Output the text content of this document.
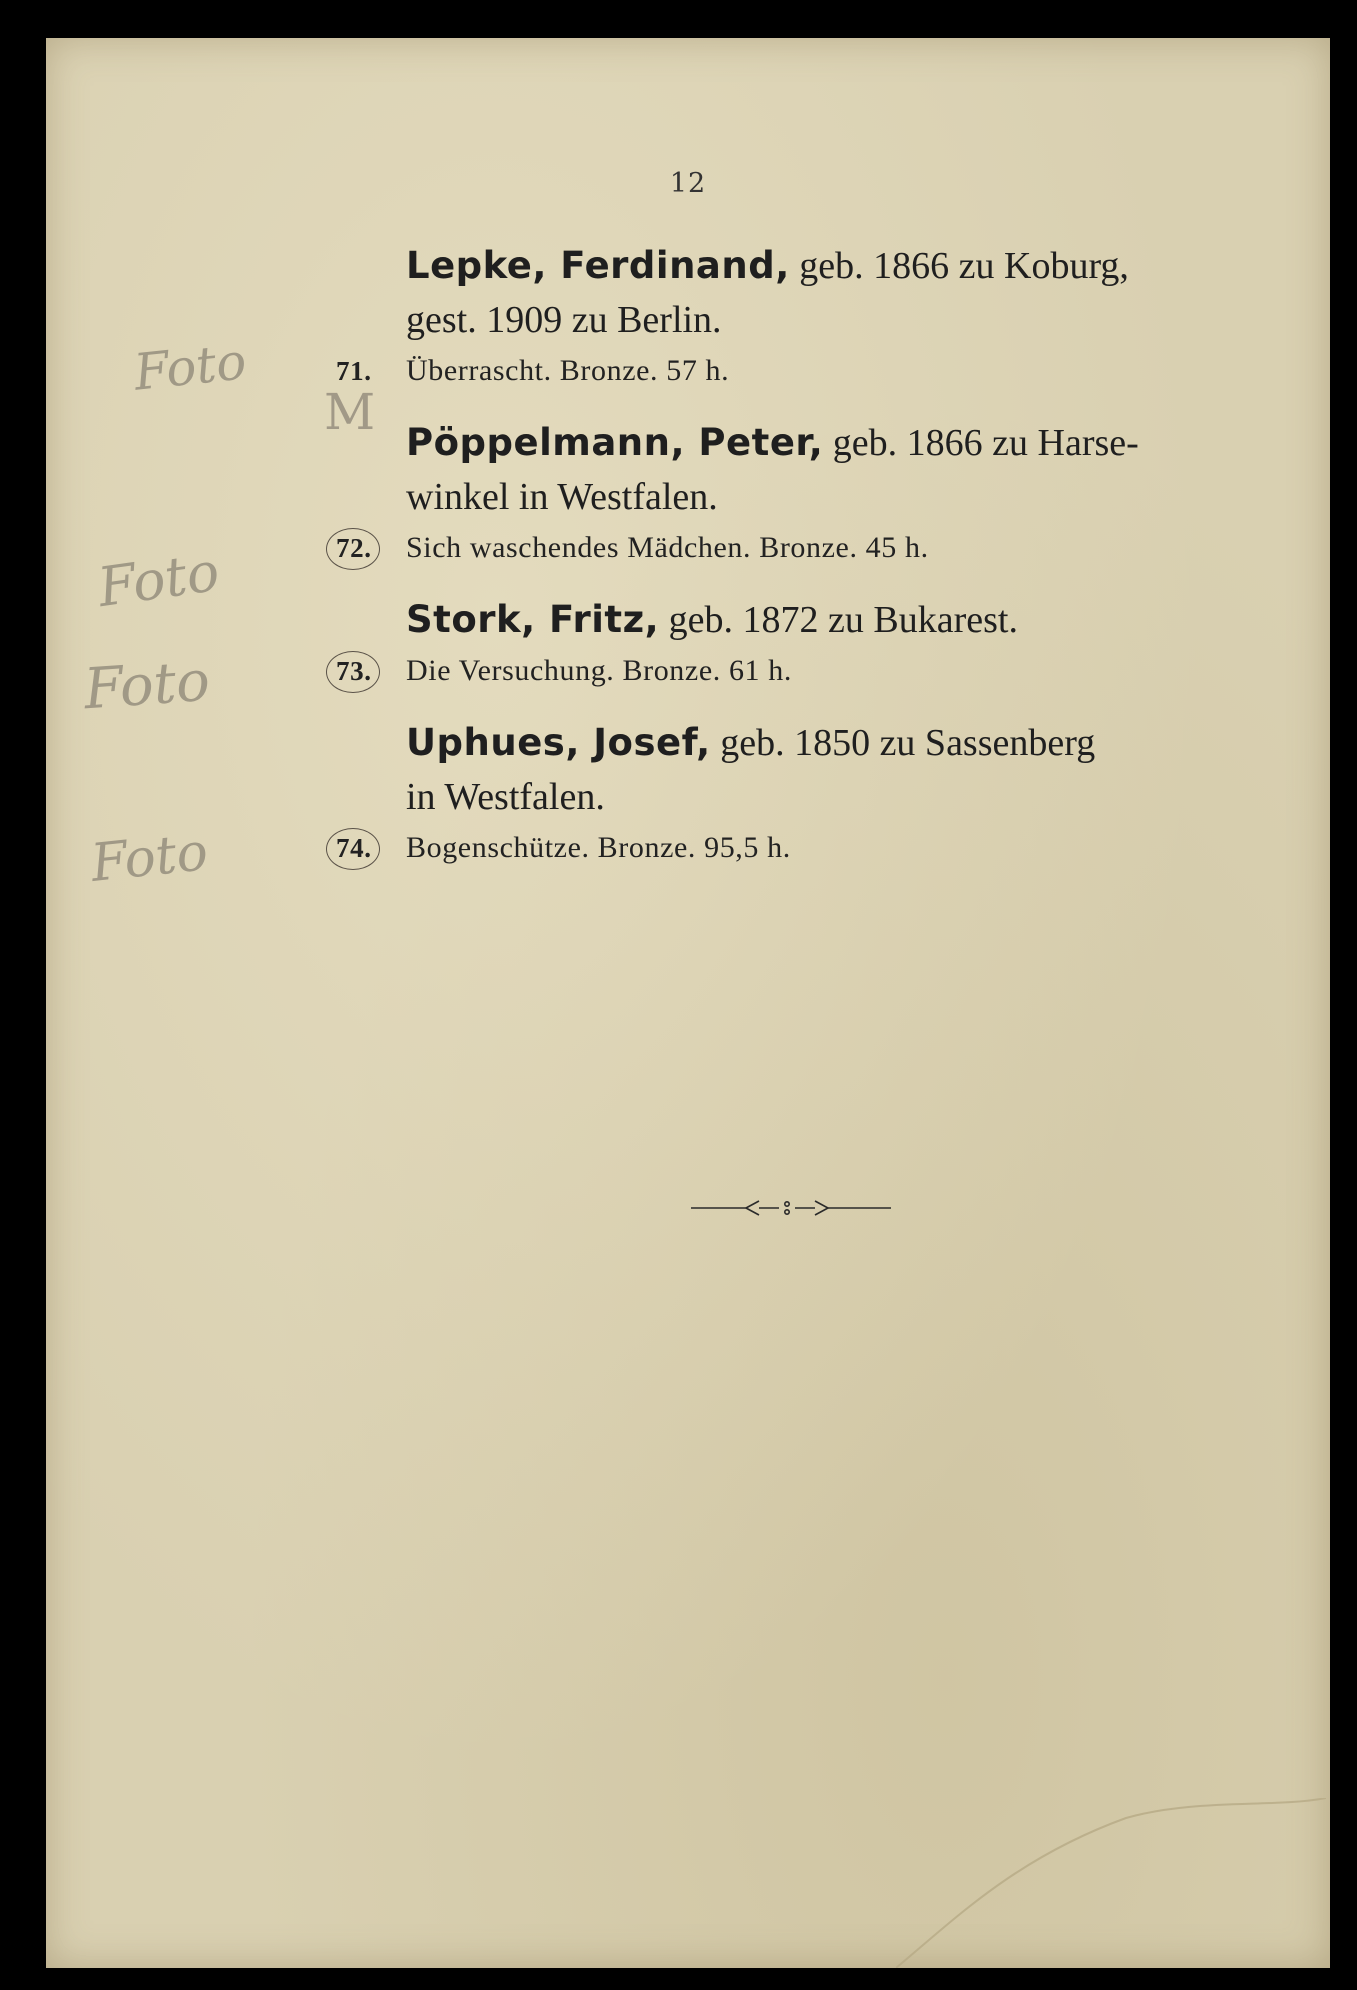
12
Foto
M
Foto
Foto
Foto
Lepke, Ferdinand, geb. 1866 zu Koburg,
gest. 1909 zu Berlin.
71.	Überrascht. Bronze. 57 h.
Pöppelmann, Peter, geb. 1866 zu Harse-
winkel in Westfalen.
72.	Sich waschendes Mädchen. Bronze. 45 h.
Stork, Fritz, geb. 1872 zu Bukarest.
73.	Die Versuchung. Bronze. 61 h.
Uphues, Josef, geb. 1850 zu Sassenberg
in Westfalen.
74.	Bogenschütze. Bronze. 95,5 h.
